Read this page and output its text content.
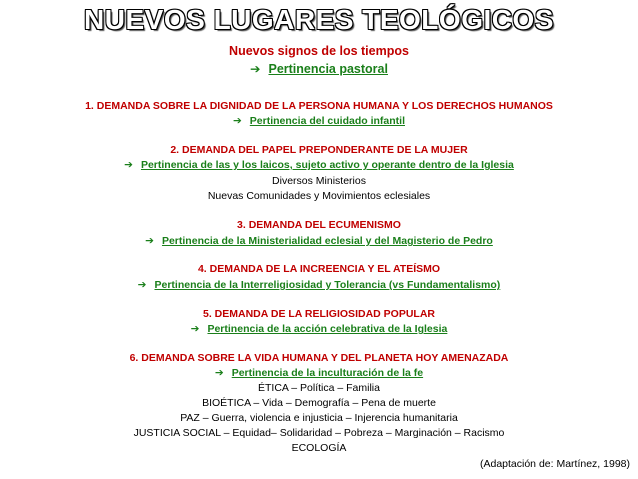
NUEVOS LUGARES TEOLÓGICOS
Nuevos signos de los tiempos
➔ Pertinencia pastoral
1. DEMANDA SOBRE LA DIGNIDAD DE LA PERSONA HUMANA Y LOS DERECHOS HUMANOS
➔ Pertinencia del cuidado infantil
2. DEMANDA DEL PAPEL PREPONDERANTE DE LA MUJER
➔ Pertinencia de las y los laicos, sujeto activo y operante dentro de la Iglesia
Diversos Ministerios
Nuevas Comunidades y Movimientos eclesiales
3. DEMANDA DEL ECUMENISMO
➔ Pertinencia de la Ministerialidad eclesial y del Magisterio de Pedro
4. DEMANDA DE LA INCREENCIA Y EL ATEÍSMO
➔ Pertinencia de la Interreligiosidad y Tolerancia (vs Fundamentalismo)
5. DEMANDA DE LA RELIGIOSIDAD POPULAR
➔ Pertinencia de la acción celebrativa de la Iglesia
6. DEMANDA SOBRE LA VIDA HUMANA Y DEL PLANETA HOY AMENAZADA
➔ Pertinencia de la inculturación de la fe
ÉTICA – Política – Familia
BIOÉTICA – Vida – Demografía – Pena de muerte
PAZ – Guerra, violencia e injusticia – Injerencia humanitaria
JUSTICIA SOCIAL – Equidad– Solidaridad – Pobreza – Marginación – Racismo
ECOLOGÍA
(Adaptación de: Martínez, 1998)
